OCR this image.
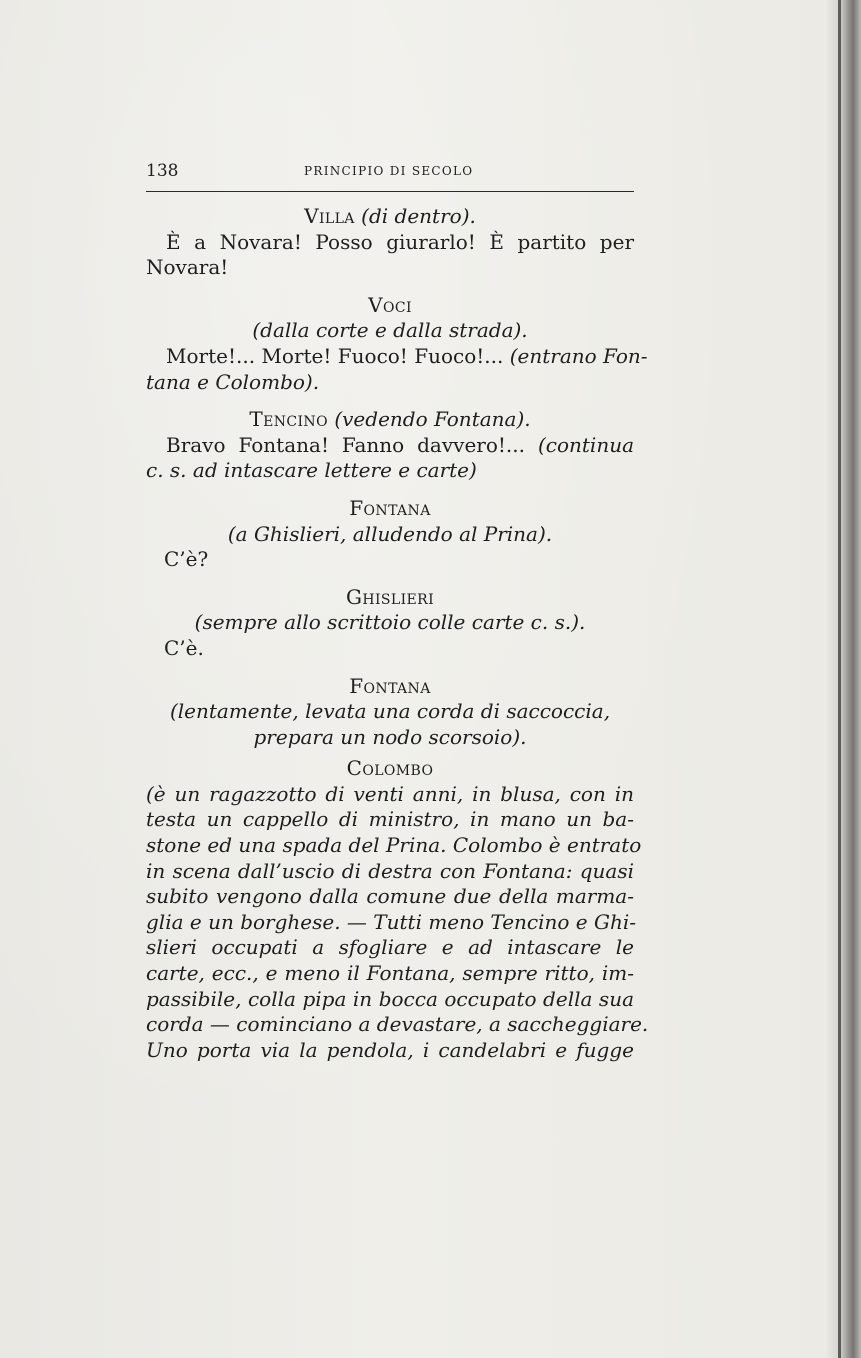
138	PRINCIPIO DI SECOLO
Villa (di dentro).
È a Novara! Posso giurarlo! È partito per
Novara!
Voci
(dalla corte e dalla strada).
Morte!... Morte! Fuoco! Fuoco!... (entrano Fon-
tana e Colombo).
Tencino (vedendo Fontana).
Bravo Fontana! Fanno davvero!... (continua
c. s. ad intascare lettere e carte)
Fontana
(a Ghislieri, alludendo al Prina).
C’è?
Ghislieri
(sempre allo scrittoio colle carte c. s.).
C’è.
Fontana
(lentamente, levata una corda di saccoccia,
prepara un nodo scorsoio).
Colombo
(è un ragazzotto di venti anni, in blusa, con in
testa un cappello di ministro, in mano un ba-
stone ed una spada del Prina. Colombo è entrato
in scena dall’uscio di destra con Fontana: quasi
subito vengono dalla comune due della marma-
glia e un borghese. — Tutti meno Tencino e Ghi-
slieri occupati a sfogliare e ad intascare le
carte, ecc., e meno il Fontana, sempre ritto, im-
passibile, colla pipa in bocca occupato della sua
corda — cominciano a devastare, a saccheggiare.
Uno porta via la pendola, i candelabri e fugge
